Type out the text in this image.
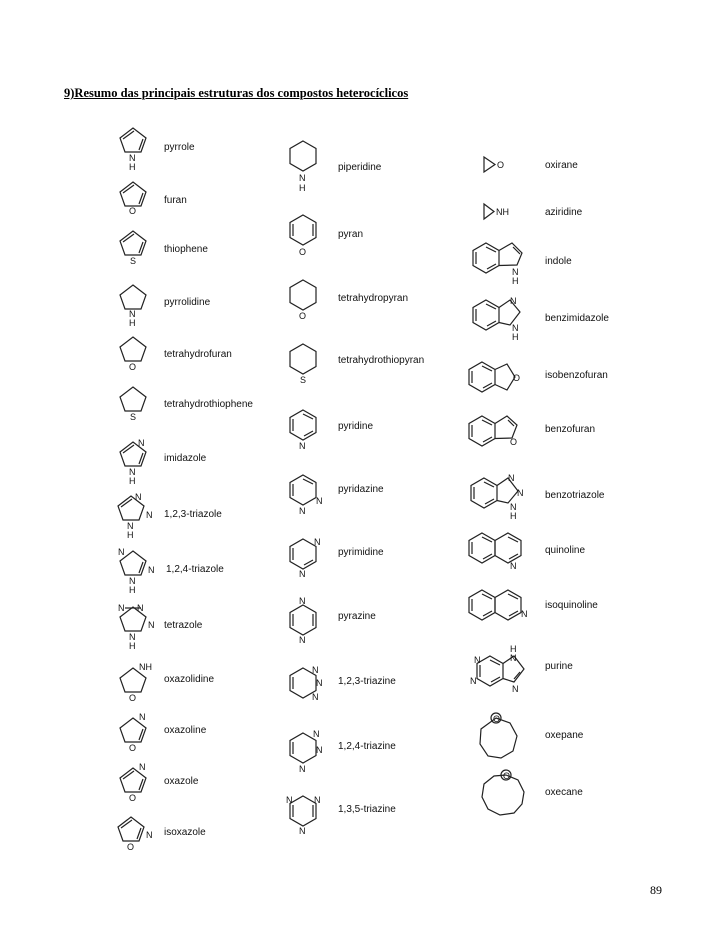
9)Resumo das principais estruturas dos compostos heterocíclicos
pyrrole
furan
thiophene
pyrrolidine
tetrahydrofuran
tetrahydrothiophene
imidazole
1,2,3-triazole
1,2,4-triazole
tetrazole
oxazolidine
oxazoline
oxazole
isoxazole
piperidine
pyran
tetrahydropyran
tetrahydrothiopyran
pyridine
pyridazine
pyrimidine
pyrazine
1,2,3-triazine
1,2,4-triazine
1,3,5-triazine
oxirane
aziridine
indole
benzimidazole
isobenzofuran
benzofuran
benzotriazole
quinoline
isoquinoline
purine
oxepane
oxecane
89
N
H
O
S
N
H
O
S
N
N
H
N
N
N
H
N
N
N
H
N N
N
N
H
NH
O
N
O
N
O
O
N
N
H
O
O
S
N
N
N
N
N
N
N
N
N
N
N
N
N
N N
N
O
NH
N
H
N
N
H
O
O
N
N
N
H
N
N
N
N
H
N
N
O
O
